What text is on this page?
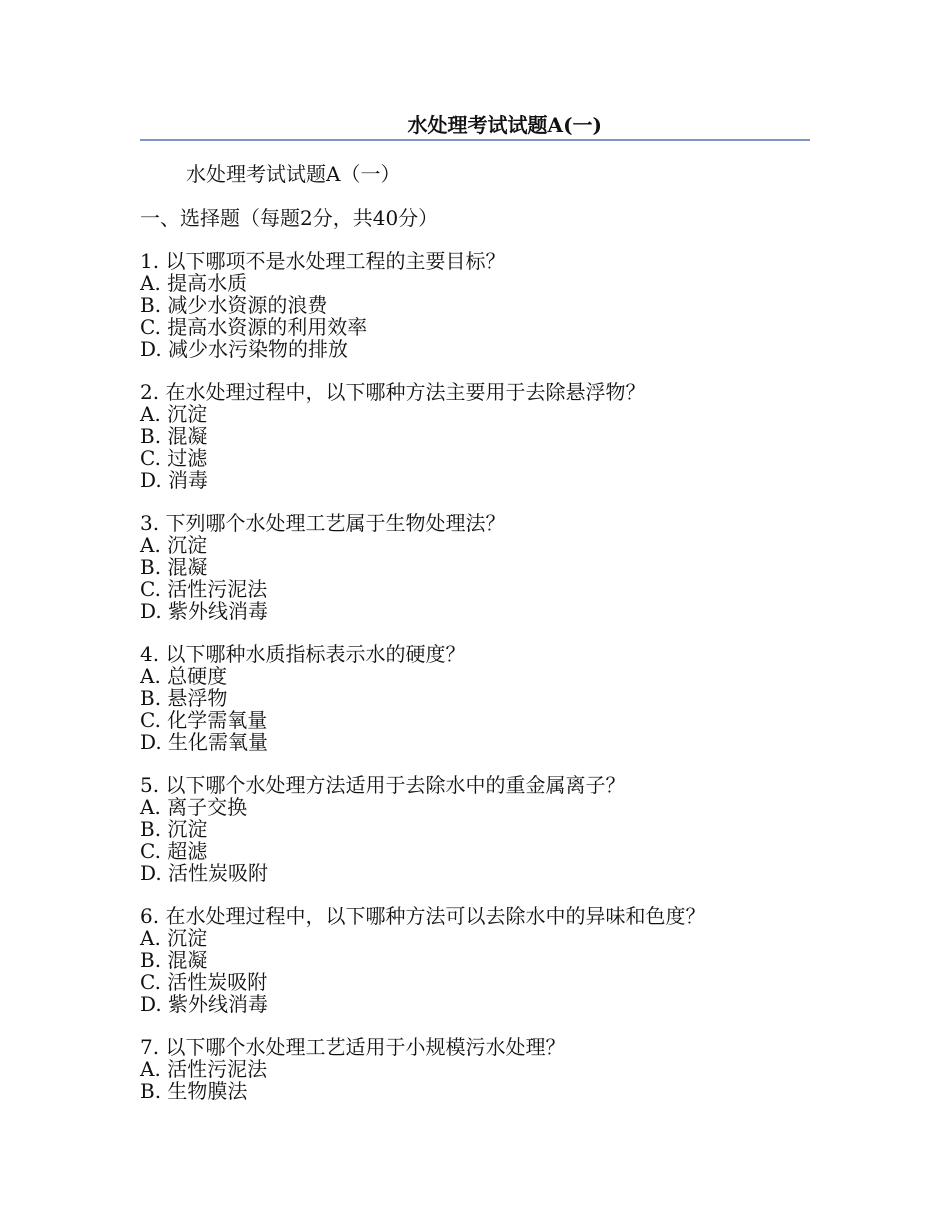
水处理考试试题A(一)
水处理考试试题A（一）
一、选择题（每题2分，共40分）
1. 以下哪项不是水处理工程的主要目标？
A. 提高水质
B. 减少水资源的浪费
C. 提高水资源的利用效率
D. 减少水污染物的排放
2. 在水处理过程中，以下哪种方法主要用于去除悬浮物？
A. 沉淀
B. 混凝
C. 过滤
D. 消毒
3. 下列哪个水处理工艺属于生物处理法？
A. 沉淀
B. 混凝
C. 活性污泥法
D. 紫外线消毒
4. 以下哪种水质指标表示水的硬度？
A. 总硬度
B. 悬浮物
C. 化学需氧量
D. 生化需氧量
5. 以下哪个水处理方法适用于去除水中的重金属离子？
A. 离子交换
B. 沉淀
C. 超滤
D. 活性炭吸附
6. 在水处理过程中，以下哪种方法可以去除水中的异味和色度？
A. 沉淀
B. 混凝
C. 活性炭吸附
D. 紫外线消毒
7. 以下哪个水处理工艺适用于小规模污水处理？
A. 活性污泥法
B. 生物膜法
